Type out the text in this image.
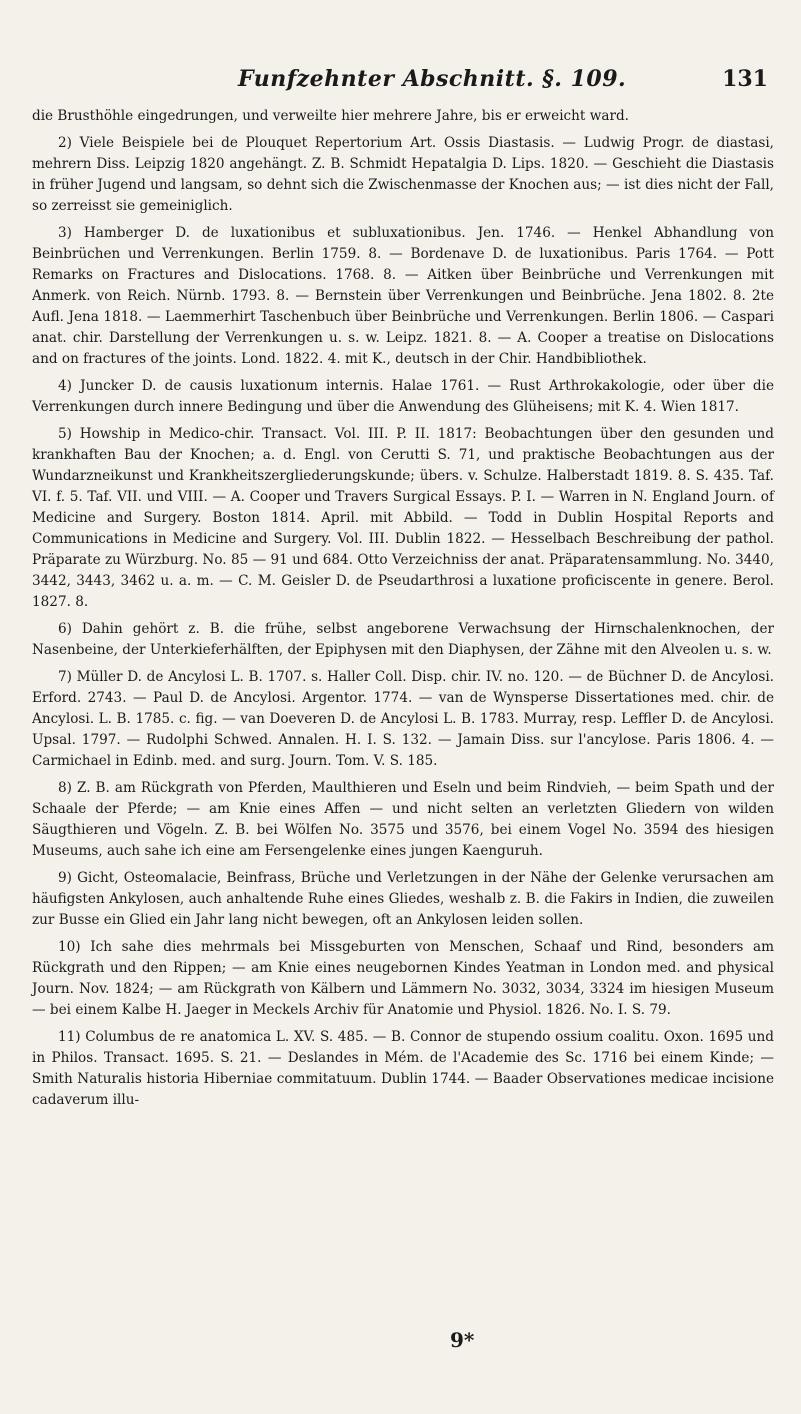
Funfzehnter Abschnitt. §. 109.	131

die Brusthöhle eingedrungen, und verweilte hier mehrere Jahre, bis er erweicht ward.

2) Viele Beispiele bei de Plouquet Repertorium Art. Ossis Diastasis. — Ludwig Progr. de diastasi, mehrern Diss. Leipzig 1820 angehängt. Z. B. Schmidt Hepatalgia D. Lips. 1820. — Geschieht die Diastasis in früher Jugend und langsam, so dehnt sich die Zwischenmasse der Knochen aus; — ist dies nicht der Fall, so zerreisst sie gemeiniglich.

3) Hamberger D. de luxationibus et subluxationibus. Jen. 1746. — Henkel Abhandlung von Beinbrüchen und Verrenkungen. Berlin 1759. 8. — Bordenave D. de luxationibus. Paris 1764. — Pott Remarks on Fractures and Dislocations. 1768. 8. — Aitken über Beinbrüche und Verrenkungen mit Anmerk. von Reich. Nürnb. 1793. 8. — Bernstein über Verrenkungen und Beinbrüche. Jena 1802. 8. 2te Aufl. Jena 1818. — Laemmerhirt Taschenbuch über Beinbrüche und Verrenkungen. Berlin 1806. — Caspari anat. chir. Darstellung der Verrenkungen u. s. w. Leipz. 1821. 8. — A. Cooper a treatise on Dislocations and on fractures of the joints. Lond. 1822. 4. mit K., deutsch in der Chir. Handbibliothek.

4) Juncker D. de causis luxationum internis. Halae 1761. — Rust Arthrokakologie, oder über die Verrenkungen durch innere Bedingung und über die Anwendung des Glüheisens; mit K. 4. Wien 1817.

5) Howship in Medico-chir. Transact. Vol. III. P. II. 1817: Beobachtungen über den gesunden und krankhaften Bau der Knochen; a. d. Engl. von Cerutti S. 71, und praktische Beobachtungen aus der Wundarzneikunst und Krankheitszergliederungskunde; übers. v. Schulze. Halberstadt 1819. 8. S. 435. Taf. VI. f. 5. Taf. VII. und VIII. — A. Cooper und Travers Surgical Essays. P. I. — Warren in N. England Journ. of Medicine and Surgery. Boston 1814. April. mit Abbild. — Todd in Dublin Hospital Reports and Communications in Medicine and Surgery. Vol. III. Dublin 1822. — Hesselbach Beschreibung der pathol. Präparate zu Würzburg. No. 85 — 91 und 684. Otto Verzeichniss der anat. Präparatensammlung. No. 3440, 3442, 3443, 3462 u. a. m. — C. M. Geisler D. de Pseudarthrosi a luxatione proficiscente in genere. Berol. 1827. 8.

6) Dahin gehört z. B. die frühe, selbst angeborene Verwachsung der Hirnschalenknochen, der Nasenbeine, der Unterkieferhälften, der Epiphysen mit den Diaphysen, der Zähne mit den Alveolen u. s. w.

7) Müller D. de Ancylosi L. B. 1707. s. Haller Coll. Disp. chir. IV. no. 120. — de Büchner D. de Ancylosi. Erford. 2743. — Paul D. de Ancylosi. Argentor. 1774. — van de Wynsperse Dissertationes med. chir. de Ancylosi. L. B. 1785. c. fig. — van Doeveren D. de Ancylosi L. B. 1783. Murray, resp. Leffler D. de Ancylosi. Upsal. 1797. — Rudolphi Schwed. Annalen. H. I. S. 132. — Jamain Diss. sur l'ancylose. Paris 1806. 4. — Carmichael in Edinb. med. and surg. Journ. Tom. V. S. 185.

8) Z. B. am Rückgrath von Pferden, Maulthieren und Eseln und beim Rindvieh, — beim Spath und der Schaale der Pferde; — am Knie eines Affen — und nicht selten an verletzten Gliedern von wilden Säugthieren und Vögeln. Z. B. bei Wölfen No. 3575 und 3576, bei einem Vogel No. 3594 des hiesigen Museums, auch sahe ich eine am Fersengelenke eines jungen Kaenguruh.

9) Gicht, Osteomalacie, Beinfrass, Brüche und Verletzungen in der Nähe der Gelenke verursachen am häufigsten Ankylosen, auch anhaltende Ruhe eines Gliedes, weshalb z. B. die Fakirs in Indien, die zuweilen zur Busse ein Glied ein Jahr lang nicht bewegen, oft an Ankylosen leiden sollen.

10) Ich sahe dies mehrmals bei Missgeburten von Menschen, Schaaf und Rind, besonders am Rückgrath und den Rippen; — am Knie eines neugebornen Kindes Yeatman in London med. and physical Journ. Nov. 1824; — am Rückgrath von Kälbern und Lämmern No. 3032, 3034, 3324 im hiesigen Museum — bei einem Kalbe H. Jaeger in Meckels Archiv für Anatomie und Physiol. 1826. No. I. S. 79.

11) Columbus de re anatomica L. XV. S. 485. — B. Connor de stupendo ossium coalitu. Oxon. 1695 und in Philos. Transact. 1695. S. 21. — Deslandes in Mém. de l'Academie des Sc. 1716 bei einem Kinde; — Smith Naturalis historia Hiberniae commitatuum. Dublin 1744. — Baader Observationes medicae incisione cadaverum illu-

9*
